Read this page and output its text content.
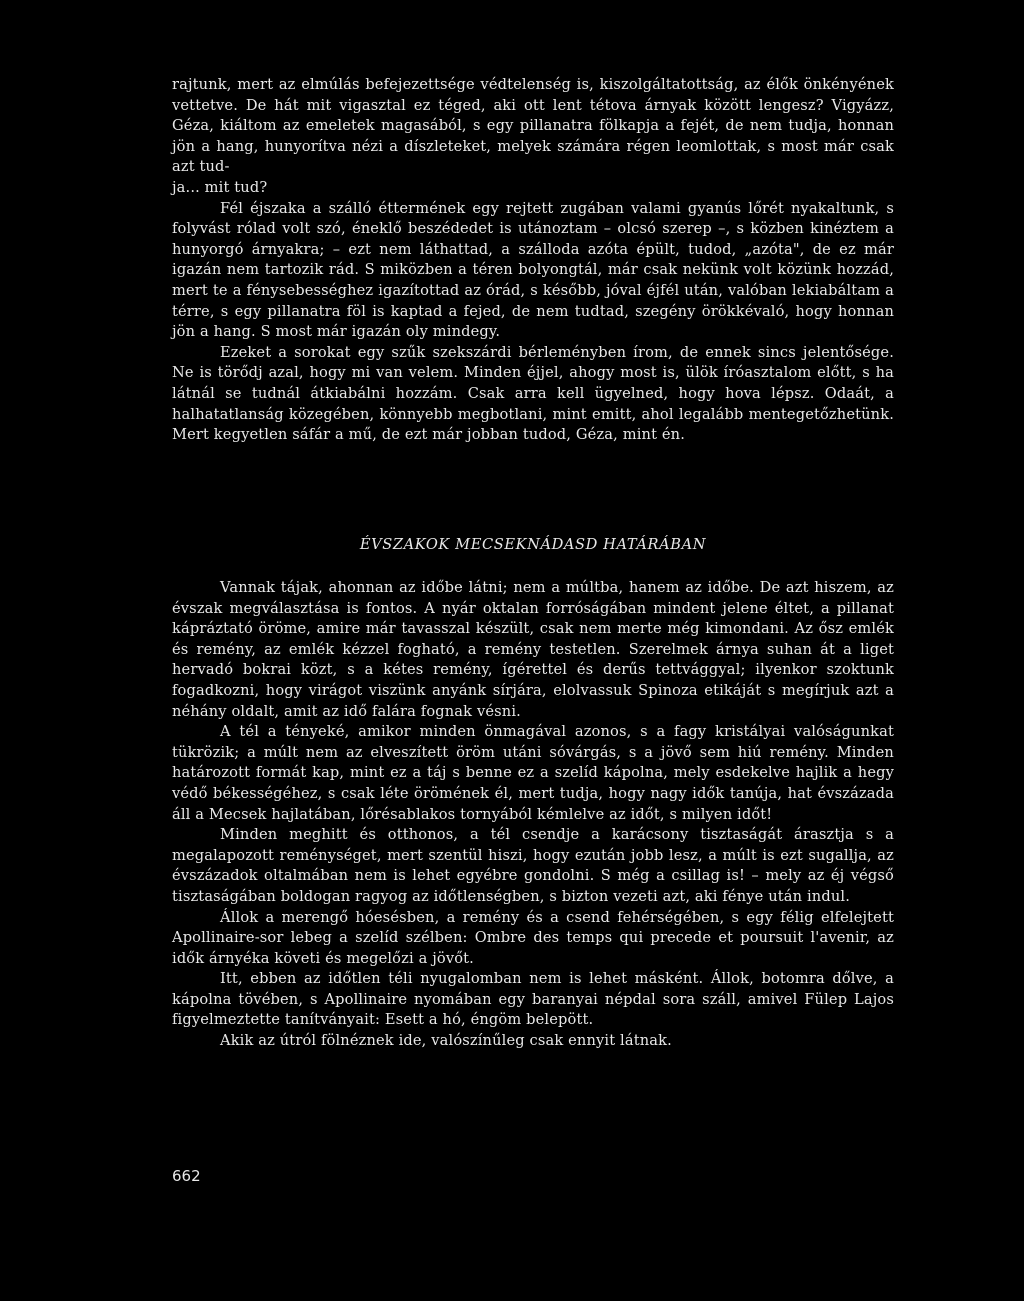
rajtunk, mert az elmúlás befejezettsége védtelenség is, kiszolgáltatottság, az élők önkényének vettetve. De hát mit vigasztal ez téged, aki ott lent tétova árnyak között lengesz? Vigyázz, Géza, kiáltom az emeletek magasából, s egy pillanatra fölkapja a fejét, de nem tudja, honnan jön a hang, hunyorítva nézi a díszleteket, melyek számára régen leomlottak, s most már csak azt tud-
ja... mit tud?

Fél éjszaka a szálló éttermének egy rejtett zugában valami gyanús lőrét nyakaltunk, s folyvást rólad volt szó, éneklő beszédedet is utánoztam – olcsó szerep –, s közben kinéztem a hunyorgó árnyakra; – ezt nem láthattad, a szálloda azóta épült, tudod, „azóta", de ez már igazán nem tartozik rád. S miközben a téren bolyongtál, már csak nekünk volt közünk hozzád, mert te a fénysebességhez igazítottad az órád, s később, jóval éjfél után, valóban lekiabáltam a térre, s egy pillanatra föl is kaptad a fejed, de nem tudtad, szegény örökkévaló, hogy honnan jön a hang. S most már igazán oly mindegy.

Ezeket a sorokat egy szűk szekszárdi bérleményben írom, de ennek sincs jelentősége. Ne is törődj azal, hogy mi van velem. Minden éjjel, ahogy most is, ülök íróasztalom előtt, s ha látnál se tudnál átkiabálni hozzám. Csak arra kell ügyelned, hogy hova lépsz. Odaát, a halhatatlanság közegében, könnyebb megbotlani, mint emitt, ahol legalább mentegetőzhetünk. Mert kegyetlen sáfár a mű, de ezt már jobban tudod, Géza, mint én.

ÉVSZAKOK MECSEKNÁDASD HATÁRÁBAN

Vannak tájak, ahonnan az időbe látni; nem a múltba, hanem az időbe. De azt hiszem, az évszak megválasztása is fontos. A nyár oktalan forróságában mindent jelene éltet, a pillanat kápráztató öröme, amire már tavasszal készült, csak nem merte még kimondani. Az ősz emlék és remény, az emlék kézzel fogható, a remény testetlen. Szerelmek árnya suhan át a liget hervadó bokrai közt, s a kétes remény, ígérettel és derűs tettvággyal; ilyenkor szoktunk fogadkozni, hogy virágot viszünk anyánk sírjára, elolvassuk Spinoza etikáját s megírjuk azt a néhány oldalt, amit az idő falára fognak vésni.

A tél a tényeké, amikor minden önmagával azonos, s a fagy kristályai valóságunkat tükrözik; a múlt nem az elveszített öröm utáni sóvárgás, s a jövő sem hiú remény. Minden határozott formát kap, mint ez a táj s benne ez a szelíd kápolna, mely esdekelve hajlik a hegy védő békességéhez, s csak léte örömének él, mert tudja, hogy nagy idők tanúja, hat évszázada áll a Mecsek hajlatában, lőrésablakos tornyából kémlelve az időt, s milyen időt!

Minden meghitt és otthonos, a tél csendje a karácsony tisztaságát árasztja s a megalapozott reménységet, mert szentül hiszi, hogy ezután jobb lesz, a múlt is ezt sugallja, az évszázadok oltalmában nem is lehet egyébre gondolni. S még a csillag is! – mely az éj végső tisztaságában boldogan ragyog az időtlenségben, s bizton vezeti azt, aki fénye után indul.

Állok a merengő hóesésben, a remény és a csend fehérségében, s egy félig elfelejtett Apollinaire-sor lebeg a szelíd szélben: Ombre des temps qui precede et poursuit l'avenir, az idők árnyéka követi és megelőzi a jövőt.

Itt, ebben az időtlen téli nyugalomban nem is lehet másként. Állok, botomra dőlve, a kápolna tövében, s Apollinaire nyomában egy baranyai népdal sora száll, amivel Fülep Lajos figyelmeztette tanítványait: Esett a hó, éngöm belepött.

Akik az útról fölnéznek ide, valószínűleg csak ennyit látnak.

662
